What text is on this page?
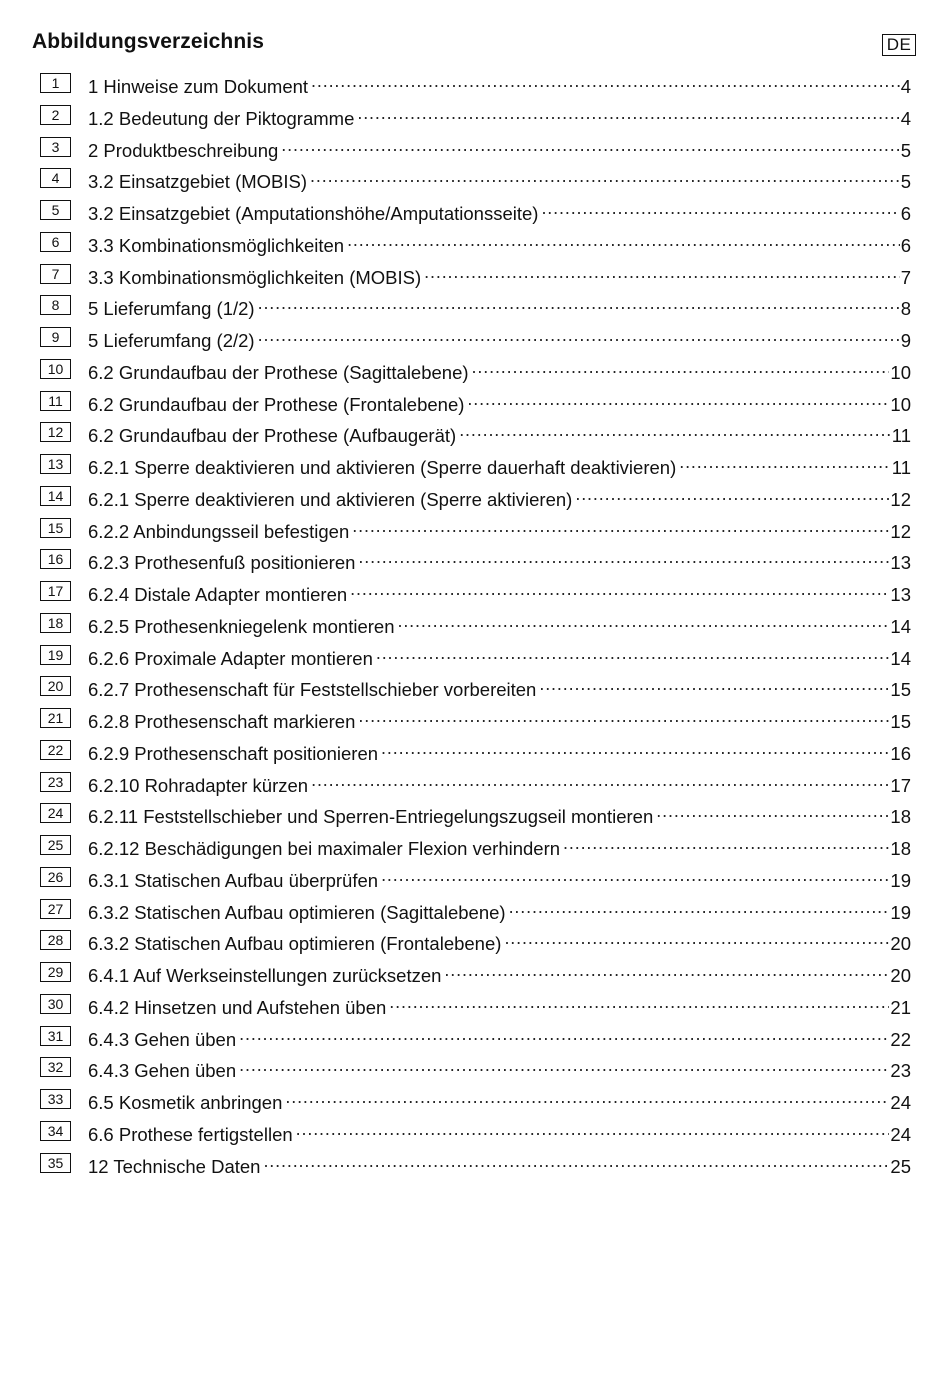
Abbildungsverzeichnis	DE
1	1 Hinweise zum Dokument .....	4
2	1.2 Bedeutung der Piktogramme .....	4
3	2 Produktbeschreibung .....	5
4	3.2 Einsatzgebiet (MOBIS) .....	5
5	3.2 Einsatzgebiet (Amputationshöhe/Amputationsseite) .....	6
6	3.3 Kombinationsmöglichkeiten .....	6
7	3.3 Kombinationsmöglichkeiten (MOBIS) .....	7
8	5 Lieferumfang (1/2) .....	8
9	5 Lieferumfang (2/2) .....	9
10	6.2 Grundaufbau der Prothese (Sagittalebene) .....	10
11	6.2 Grundaufbau der Prothese (Frontalebene) .....	10
12	6.2 Grundaufbau der Prothese (Aufbaugerät) .....	11
13	6.2.1 Sperre deaktivieren und aktivieren (Sperre dauerhaft deaktivieren) .....	11
14	6.2.1 Sperre deaktivieren und aktivieren (Sperre aktivieren) .....	12
15	6.2.2 Anbindungsseil befestigen .....	12
16	6.2.3 Prothesenfuß positionieren .....	13
17	6.2.4 Distale Adapter montieren .....	13
18	6.2.5 Prothesenkniegelenk montieren .....	14
19	6.2.6 Proximale Adapter montieren .....	14
20	6.2.7 Prothesenschaft für Feststellschieber vorbereiten .....	15
21	6.2.8 Prothesenschaft markieren .....	15
22	6.2.9 Prothesenschaft positionieren .....	16
23	6.2.10 Rohradapter kürzen .....	17
24	6.2.11 Feststellschieber und Sperren-Entriegelungszugseil montieren .....	18
25	6.2.12 Beschädigungen bei maximaler Flexion verhindern .....	18
26	6.3.1 Statischen Aufbau überprüfen .....	19
27	6.3.2 Statischen Aufbau optimieren (Sagittalebene) .....	19
28	6.3.2 Statischen Aufbau optimieren (Frontalebene) .....	20
29	6.4.1 Auf Werkseinstellungen zurücksetzen .....	20
30	6.4.2 Hinsetzen und Aufstehen üben .....	21
31	6.4.3 Gehen üben .....	22
32	6.4.3 Gehen üben .....	23
33	6.5 Kosmetik anbringen .....	24
34	6.6 Prothese fertigstellen .....	24
35	12 Technische Daten .....	25
